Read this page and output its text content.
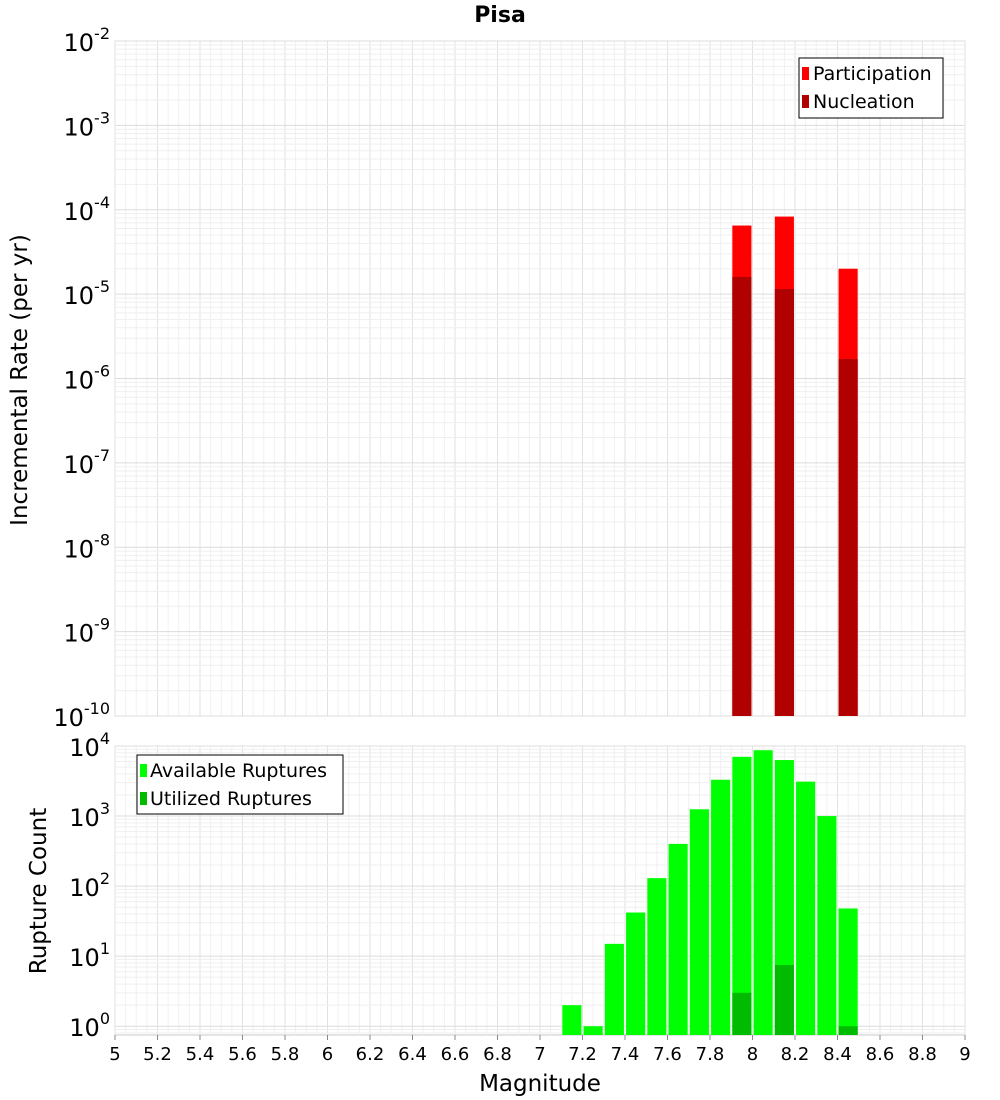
$10^{-10}$
$10^{-9}$
$10^{-8}$
$10^{-7}$
$10^{-6}$
$10^{-5}$
$10^{-4}$
$10^{-3}$
$10^{-2}$
Pisa
Incremental Rate (per yr)
Participation
Nucleation
$10^0$
$10^1$
$10^2$
$10^3$
$10^4$
5 5.2 5.4 5.6 5.8 6 6.2 6.4 6.6 6.8 7 7.2 7.4 7.6 7.8 8 8.2 8.4 8.6 8.8 9
Magnitude
Rupture Count
Available Ruptures
Utilized Ruptures
